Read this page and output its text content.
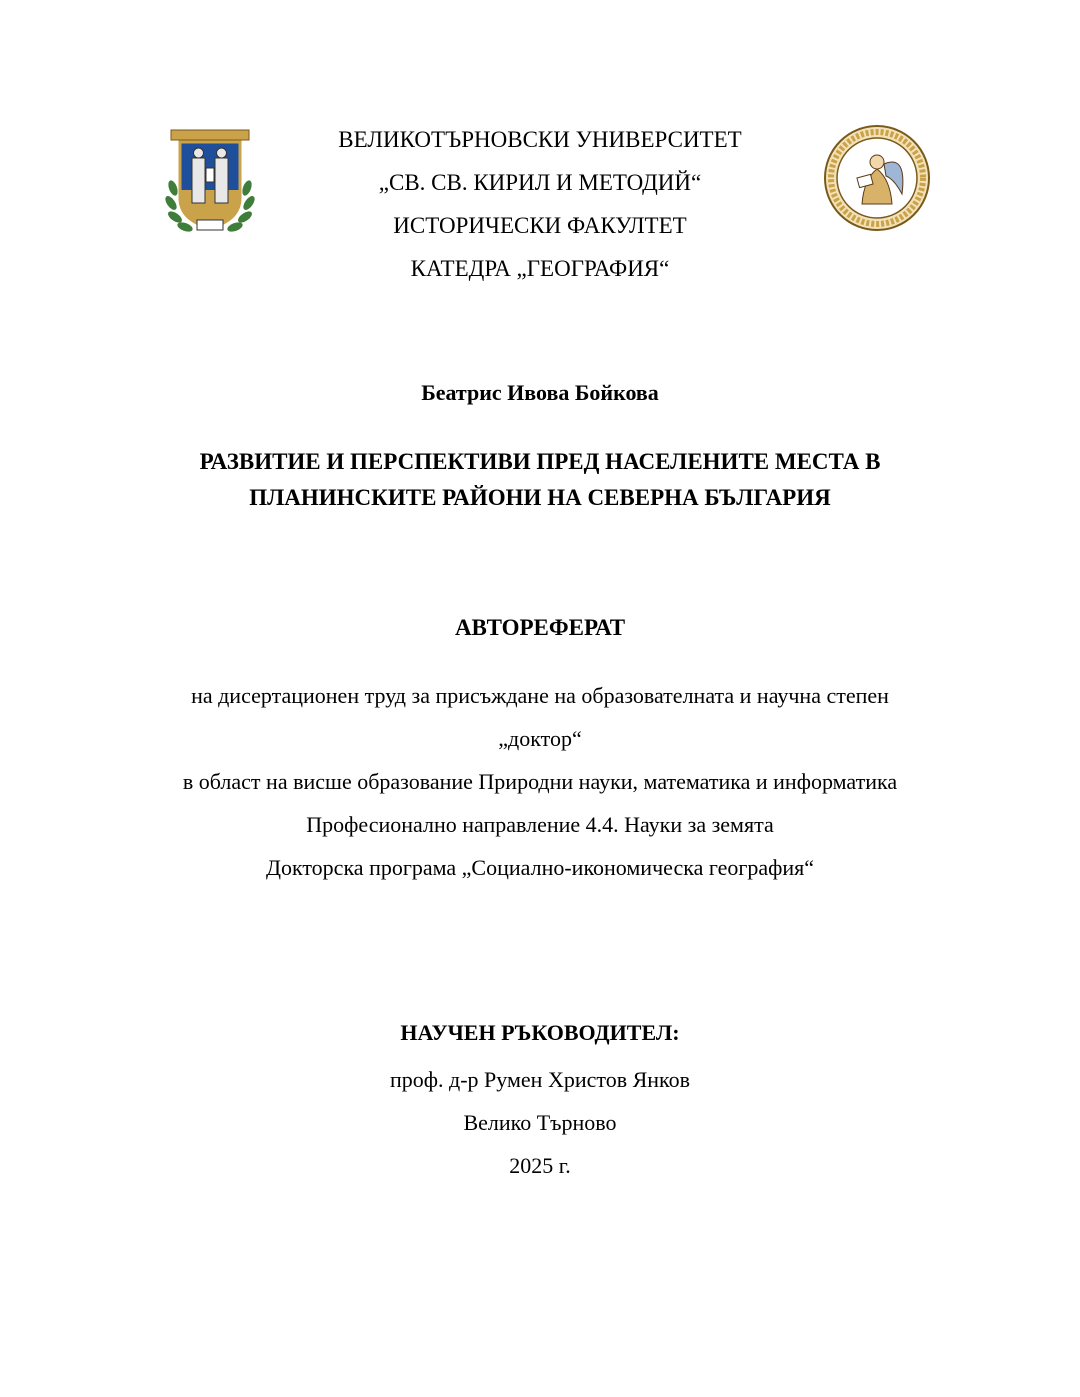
ВЕЛИКОТЪРНОВСКИ УНИВЕРСИТЕТ
„СВ. СВ. КИРИЛ И МЕТОДИЙ“
ИСТОРИЧЕСКИ ФАКУЛТЕТ
КАТЕДРА „ГЕОГРАФИЯ“
Беатрис Ивова Бойкова
РАЗВИТИЕ И ПЕРСПЕКТИВИ ПРЕД НАСЕЛЕНИТЕ МЕСТА В
ПЛАНИНСКИТЕ РАЙОНИ НА СЕВЕРНА БЪЛГАРИЯ
АВТОРЕФЕРАТ
на дисертационен труд за присъждане на образователната и научна степен
„доктор“
в област на висше образование Природни науки, математика и информатика
Професионално направление 4.4. Науки за земята
Докторска програма „Социално-икономическа география“
НАУЧЕН РЪКОВОДИТЕЛ:
проф. д-р Румен Христов Янков
Велико Търново
2025 г.
